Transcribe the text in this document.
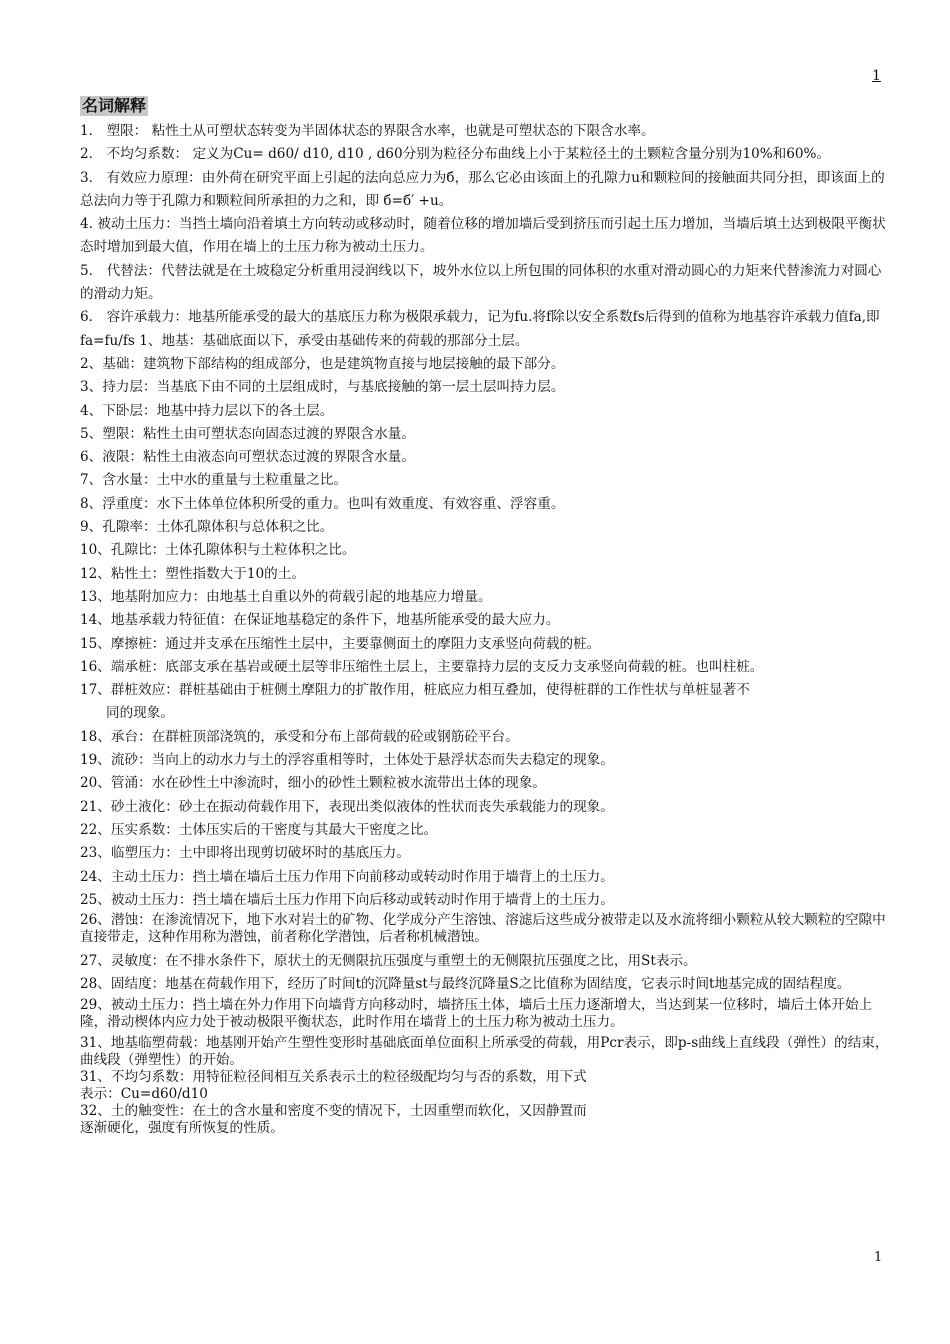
1
名词解释

1． 塑限： 粘性土从可塑状态转变为半固体状态的界限含水率，也就是可塑状态的下限含水率。

2． 不均匀系数： 定义为Cu= d60/ d10, d10 , d60分别为粒径分布曲线上小于某粒径土的土颗粒含量分别为10%和60%。

3． 有效应力原理：由外荷在研究平面上引起的法向总应力为б，那么它必由该面上的孔隙力u和颗粒间的接触面共同分担，即该面上的总法向力等于孔隙力和颗粒间所承担的力之和，即 б=б′ +u。

4. 被动土压力：当挡土墙向沿着填土方向转动或移动时，随着位移的增加墙后受到挤压而引起土压力增加，当墙后填土达到极限平衡状态时增加到最大值，作用在墙上的土压力称为被动土压力。

5． 代替法：代替法就是在土坡稳定分析重用浸润线以下，坡外水位以上所包围的同体积的水重对滑动圆心的力矩来代替渗流力对圆心的滑动力矩。

6． 容许承载力：地基所能承受的最大的基底压力称为极限承载力，记为fu.将f除以安全系数fs后得到的值称为地基容许承载力值fa,即fa=fu/fs 1、地基：基础底面以下，承受由基础传来的荷载的那部分土层。

2、基础：建筑物下部结构的组成部分，也是建筑物直接与地层接触的最下部分。

3、持力层：当基底下由不同的土层组成时，与基底接触的第一层土层叫持力层。

4、下卧层：地基中持力层以下的各土层。

5、塑限：粘性土由可塑状态向固态过渡的界限含水量。

6、液限：粘性土由液态向可塑状态过渡的界限含水量。

7、含水量：土中水的重量与土粒重量之比。

8、浮重度：水下土体单位体积所受的重力。也叫有效重度、有效容重、浮容重。

9、孔隙率：土体孔隙体积与总体积之比。

10、孔隙比：土体孔隙体积与土粒体积之比。

12、粘性土：塑性指数大于10的土。

13、地基附加应力：由地基土自重以外的荷载引起的地基应力增量。

14、地基承载力特征值：在保证地基稳定的条件下，地基所能承受的最大应力。

15、摩擦桩：通过并支承在压缩性土层中，主要靠侧面土的摩阻力支承竖向荷载的桩。

16、端承桩：底部支承在基岩或硬土层等非压缩性土层上，主要靠持力层的支反力支承竖向荷载的桩。也叫柱桩。

17、群桩效应：群桩基础由于桩侧土摩阻力的扩散作用，桩底应力相互叠加，使得桩群的工作性状与单桩显著不

同的现象。

18、承台：在群桩顶部浇筑的，承受和分布上部荷载的砼或钢筋砼平台。

19、流砂：当向上的动水力与土的浮容重相等时，土体处于悬浮状态而失去稳定的现象。

20、管涌：水在砂性土中渗流时，细小的砂性土颗粒被水流带出土体的现象。

21、砂土液化：砂土在振动荷载作用下，表现出类似液体的性状而丧失承载能力的现象。

22、压实系数：土体压实后的干密度与其最大干密度之比。

23、临塑压力：土中即将出现剪切破坏时的基底压力。

24、主动土压力：挡土墙在墙后土压力作用下向前移动或转动时作用于墙背上的土压力。

25、被动土压力：挡土墙在墙后土压力作用下向后移动或转动时作用于墙背上的土压力。

26、潜蚀：在渗流情况下，地下水对岩土的矿物、化学成分产生溶蚀、溶滤后这些成分被带走以及水流将细小颗粒从较大颗粒的空隙中直接带走，这种作用称为潜蚀，前者称化学潜蚀，后者称机械潜蚀。

27、灵敏度：在不排水条件下，原状土的无侧限抗压强度与重塑土的无侧限抗压强度之比，用St表示。

28、固结度：地基在荷载作用下，经历了时间t的沉降量st与最终沉降量S之比值称为固结度，它表示时间t地基完成的固结程度。

29、被动土压力：挡土墙在外力作用下向墙背方向移动时，墙挤压土体，墙后土压力逐渐增大，当达到某一位移时，墙后土体开始上隆，滑动楔体内应力处于被动极限平衡状态，此时作用在墙背上的土压力称为被动土压力。

31、地基临塑荷载：地基刚开始产生塑性变形时基础底面单位面积上所承受的荷载，用Pcr表示，即p-s曲线上直线段（弹性）的结束，曲线段（弹塑性）的开始。

31、不均匀系数：用特征粒径间相互关系表示土的粒径级配均匀与否的系数，用下式

表示：Cu=d60/d10

32、土的触变性：在土的含水量和密度不变的情况下，土因重塑而软化，又因静置而

逐渐硬化，强度有所恢复的性质。

1
